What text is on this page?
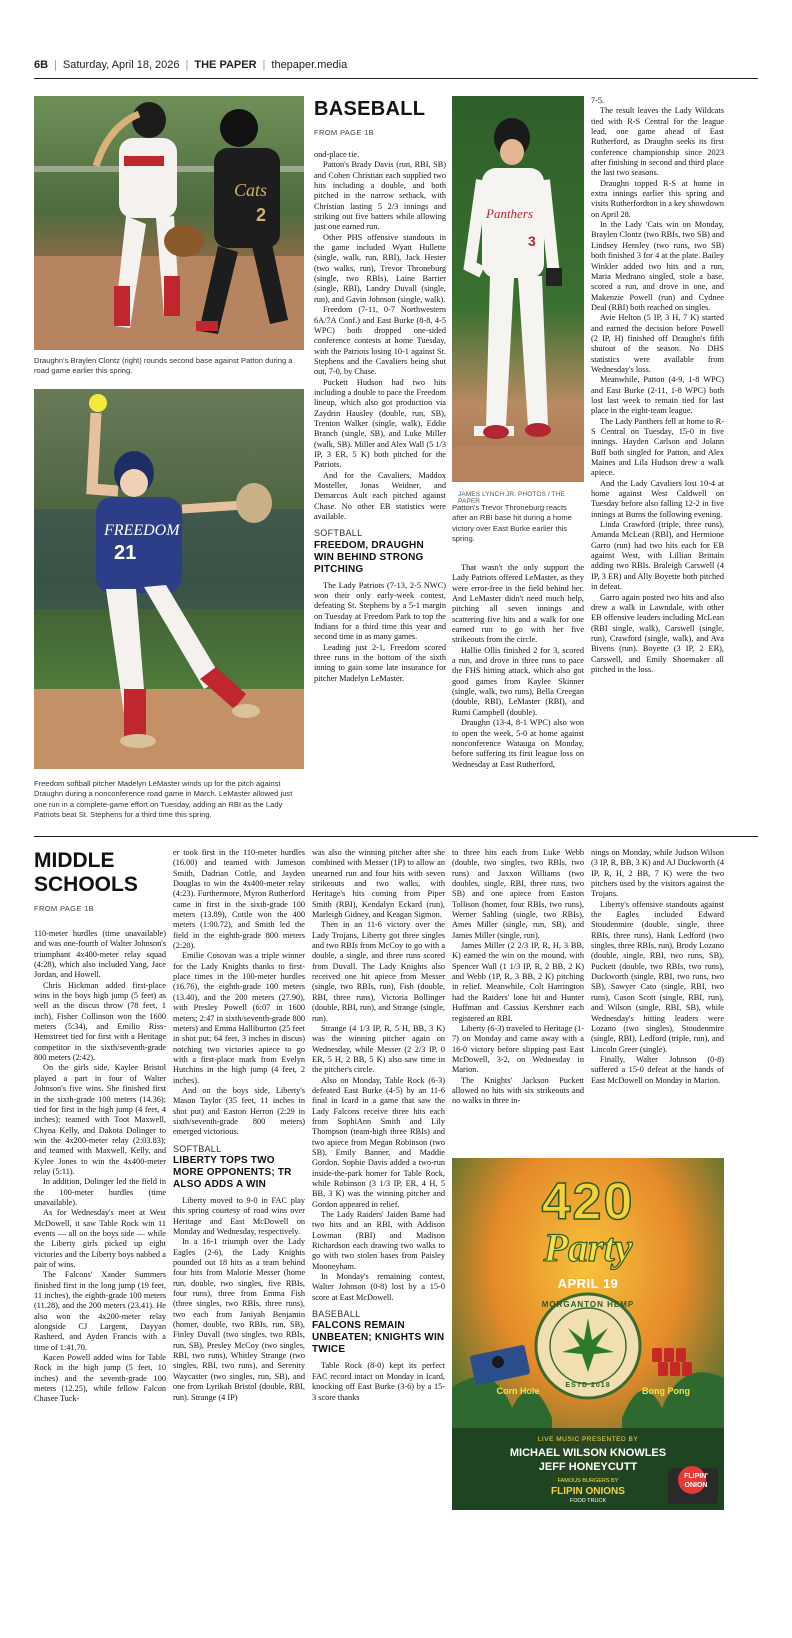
6B | Saturday, April 18, 2026 | THE PAPER | thepaper.media
Cats
2
Draughn's Braylen Clontz (right) rounds second base against Patton during a road game earlier this spring.
FREEDOM
21
Freedom softball pitcher Madelyn LeMaster winds up for the pitch against Draughn during a nonconference road game in March. LeMaster allowed just one run in a complete-game effort on Tuesday, adding an RBI as the Lady Patriots beat St. Stephens for a third time this spring.
BASEBALL
FROM PAGE 1B

ond-place tie.

Patton's Brady Davis (run, RBI, SB) and Cohen Christian each supplied two hits including a double, and both pitched in the narrow setback, with Christian lasting 5 2/3 innings and striking out five batters while allowing just one earned run.

Other PHS offensive standouts in the game included Wyatt Hullette (single, walk, run, RBI), Jack Hester (two walks, run), Trevor Throneburg (single, two RBIs), Laine Barrier (single, RBI), Landry Duvall (single, run), and Gavin Johnson (single, walk).

Freedom (7-11, 0-7 Northwestern 6A/7A Conf.) and East Burke (8-8, 4-5 WPC) both dropped one-sided conference contests at home Tuesday, with the Patriots losing 10-1 against St. Stephens and the Cavaliers being shut out, 7-0, by Chase.

Puckett Hudson had two hits including a double to pace the Freedom lineup, which also got production via Zaydrin Hausley (double, run, SB), Trenton Walker (single, walk), Eddie Branch (single, SB), and Luke Miller (walk, SB). Miller and Alex Wall (5 1/3 IP, 3 ER, 5 K) both pitched for the Patriots.

And for the Cavaliers, Maddox Mosteller, Jonas Weidner, and Demarcus Ault each pitched against Chase. No other EB statistics were available.

SOFTBALL
FREEDOM, DRAUGHN WIN BEHIND STRONG PITCHING

The Lady Patriots (7-13, 2-5 NWC) won their only early-week contest, defeating St. Stephens by a 5-1 margin on Tuesday at Freedom Park to top the Indians for a third time this year and second time in as many games.

Leading just 2-1, Freedom scored three runs in the bottom of the sixth inning to gain some late insurance for pitcher Madelyn LeMaster.

Panthers
3
JAMES LYNCH JR. PHOTOS / THE PAPER
Patton's Trevor Throneburg reacts after an RBI base hit during a home victory over East Burke earlier this spring.

That wasn't the only support the Lady Patriots offered LeMaster, as they were error-free in the field behind her. And LeMaster didn't need much help, pitching all seven innings and scattering five hits and a walk for one earned run to go with her five strikeouts from the circle.

Hallie Ollis finished 2 for 3, scored a run, and drove in three runs to pace the FHS hitting attack, which also got good games from Kaylee Skinner (single, walk, two runs), Bella Creegan (double, RBI), LeMaster (RBI), and Rumi Campbell (double).

Draughn (13-4, 8-1 WPC) also won to open the week, 5-0 at home against nonconference Watauga on Monday, before suffering its first league loss on Wednesday at East Rutherford,

7-5.

The result leaves the Lady Wildcats tied with R-S Central for the league lead, one game ahead of East Rutherford, as Draughn seeks its first conference championship since 2023 after finishing in second and third place the last two seasons.

Draughn topped R-S at home in extra innings earlier this spring and visits Rutherfordton in a key showdown on April 28.

In the Lady 'Cats win on Monday, Braylen Clontz (two RBIs, two SB) and Lindsey Hensley (two runs, two SB) both finished 3 for 4 at the plate. Bailey Winkler added two hits and a run, Maria Medrano singled, stole a base, scored a run, and drove in one, and Makenzie Powell (run) and Cydnee Deal (RBI) both reached on singles.

Avie Helton (5 IP, 3 H, 7 K) started and earned the decision before Powell (2 IP, H) finished off Draughn's fifth shutout of the season. No DHS statistics were available from Wednesday's loss.

Meanwhile, Patton (4-9, 1-8 WPC) and East Burke (2-11, 1-8 WPC) both lost last week to remain tied for last place in the eight-team league.

The Lady Panthers fell at home to R-S Central on Tuesday, 15-0 in five innings. Hayden Carlson and Jolann Buff both singled for Patton, and Alex Maines and Lila Hudson drew a walk apiece.

And the Lady Cavaliers lost 10-4 at home against West Caldwell on Tuesday before also falling 12-2 in five innings at Burns the following evening.

Linda Crawford (triple, three runs), Amanda McLean (RBI), and Hermione Garro (run) had two hits each for EB against West, with Lillian Brittain adding two RBIs. Braleigh Carswell (4 IP, 3 ER) and Ally Boyette both pitched in defeat.

Garro again posted two hits and also drew a walk in Lawndale, with other EB offensive leaders including McLean (RBI single, walk), Carswell (single, run), Crawford (single, walk), and Ava Bivens (run). Boyette (3 IP, 2 ER), Carswell, and Emily Shoemaker all pitched in the loss.

MIDDLE
SCHOOLS
FROM PAGE 1B

110-meter hurdles (time unavailable) and was one-fourth of Walter Johnson's triumphant 4x400-meter relay squad (4:28), which also included Yang, Jace Jordan, and Howell.

Chris Hickman added first-place wins in the boys high jump (5 feet) as well as the discus throw (78 feet, 1 inch), Fisher Collinson won the 1600 meters (5:34), and Emilio Riss-Hemstreet tied for first with a Heritage competitor in the sixth/seventh-grade 800 meters (2:42).

On the girls side, Kaylee Bristol played a part in four of Walter Johnson's five wins. She finished first in the sixth-grade 100 meters (14.36); tied for first in the high jump (4 feet, 4 inches); teamed with Toot Maxwell, Chyna Kelly, and Dakota Dolinger to win the 4x200-meter relay (2:03.83); and teamed with Maxwell, Kelly, and Kylee Jones to win the 4x400-meter relay (5:11).

In addition, Dolinger led the field in the 100-meter hurdles (time unavailable).

As for Wednesday's meet at West McDowell, it saw Table Rock win 11 events — all on the boys side — while the Liberty girls picked up eight victories and the Liberty boys nabbed a pair of wins.

The Falcons' Xander Summers finished first in the long jump (19 feet, 11 inches), the eighth-grade 100 meters (11.28), and the 200 meters (23.41). He also won the 4x200-meter relay alongside CJ Largent, Dayyan Rasheed, and Ayden Francis with a time of 1:41.70.

Kacen Powell added wins for Table Rock in the high jump (5 feet, 10 inches) and the seventh-grade 100 meters (12.25), while fellow Falcon Chasee Tuck-

er took first in the 110-meter hurdles (16.00) and teamed with Jameson Smith, Dadrian Cottle, and Jayden Douglas to win the 4x400-meter relay (4:23). Furthermore, Myron Rutherford came in first in the sixth-grade 100 meters (13.89), Cottle won the 400 meters (1:00.72), and Smith led the field in the eighth-grade 800 meters (2:20).

Emilie Cosovan was a triple winner for the Lady Knights thanks to first-place times in the 100-meter hurdles (16.76), the eighth-grade 100 meters (13.40), and the 200 meters (27.90), with Presley Powell (6:07 in 1600 meters; 2:47 in sixth/seventh-grade 800 meters) and Emma Halliburton (25 feet in shot put; 64 feet, 3 inches in discus) notching two victories apiece to go with a first-place mark from Evelyn Hutchins in the high jump (4 feet, 2 inches).

And on the boys side, Liberty's Mason Taylor (35 feet, 11 inches in shot put) and Easton Herron (2:29 in sixth/seventh-grade 800 meters) emerged victorious.

SOFTBALL
LIBERTY TOPS TWO MORE OPPONENTS; TR ALSO ADDS A WIN

Liberty moved to 9-0 in FAC play this spring courtesy of road wins over Heritage and East McDowell on Monday and Wednesday, respectively.

In a 16-1 triumph over the Lady Eagles (2-6), the Lady Knights pounded out 18 hits as a team behind four hits from Malorie Messer (home run, double, two singles, five RBIs, four runs), three from Emma Fish (three singles, two RBIs, three runs), two each from Janiyah Benjamin (homer, double, two RBIs, run, SB), Finley Duvall (two singles, two RBIs, run, SB), Presley McCoy (two singles, RBI, two runs), Whitley Strange (two singles, RBI, two runs), and Serenity Waycaster (two singles, run, SB), and one from Lyrikah Bristol (double, RBI, run). Strange (4 IP)

was also the winning pitcher after she combined with Messer (1P) to allow an unearned run and four hits with seven strikeouts and two walks, with Heritage's hits coming from Piper Smith (RBI), Kendalyn Eckard (run), Marleigh Gidney, and Keagan Sigmon.

Then in an 11-6 victory over the Lady Trojans, Liberty got three singles and two RBIs from McCoy to go with a double, a single, and three runs scored from Duvall. The Lady Knights also received one hit apiece from Messer (single, two RBIs, run), Fish (double, RBI, three runs), Victoria Bollinger (double, RBI, run), and Strange (single, run).

Strange (4 1/3 IP, R, 5 H, BB, 3 K) was the winning pitcher again on Wednesday, while Messer (2 2/3 IP, 0 ER, 5 H, 2 BB, 5 K) also saw time in the pitcher's circle.

Also on Monday, Table Rock (6-3) defeated East Burke (4-5) by an 11-6 final in Icard in a game that saw the Lady Falcons receive three hits each from SophiAnn Smith and Lily Thompson (team-high three RBIs) and two apiece from Megan Robinson (two SB), Emily Banner, and Maddie Gordon. Sophie Davis added a two-run inside-the-park homer for Table Rock, while Robinson (3 1/3 IP, ER, 4 H, 5 BB, 3 K) was the winning pitcher and Gordon appeared in relief.

The Lady Raiders' Jaiden Bame had two hits and an RBI, with Addison Lowman (RBI) and Madison Richardson each drawing two walks to go with two stolen bases from Paisley Mooneyham.

In Monday's remaining contest, Walter Johnson (0-8) lost by a 15-0 score at East McDowell.

BASEBALL
FALCONS REMAIN UNBEATEN; KNIGHTS WIN TWICE

Table Rock (8-0) kept its perfect FAC record intact on Monday in Icard, knocking off East Burke (3-6) by a 15-3 score thanks

to three hits each from Luke Webb (double, two singles, two RBIs, two runs) and Jaxxon Williams (two doubles, single, RBI, three runs, two SB) and one apiece from Easton Tollison (homer, four RBIs, two runs), Werner Sahling (single, two RBIs), Ames Miller (single, run, SB), and James Miller (single, run).

James Miller (2 2/3 IP, R, H, 3 BB, K) earned the win on the mound, with Spencer Wall (1 1/3 IP, R, 2 BB, 2 K) and Webb (1P, R, 3 BB, 2 K) pitching in relief. Meanwhile, Colt Harrington had the Raiders' lone hit and Hunter Huffman and Cassius Kershner each registered an RBI.

Liberty (6-3) traveled to Heritage (1-7) on Monday and came away with a 16-0 victory before slipping past East McDowell, 3-2, on Wednesday in Marion.

The Knights' Jackson Puckett allowed no hits with six strikeouts and no walks in three in-

nings on Monday, while Judson Wilson (3 IP, R, BB, 3 K) and AJ Duckworth (4 IP, R, H, 2 BB, 7 K) were the two pitchers used by the visitors against the Trojans.

Liberty's offensive standouts against the Eagles included Edward Stoudenmire (double, single, three RBIs, three runs), Hank Ledford (two singles, three RBIs, run), Brody Lozano (double, single, RBI, two runs, SB), Puckett (double, two RBIs, two runs), Duckworth (single, RBI, two runs, two SB), Sawyer Cato (single, RBI, two runs), Cason Scott (single, RBI, run), and Wilson (single, RBI, SB), while Wednesday's hitting leaders were Lozano (two singles), Stoudenmire (single, RBI), Ledford (triple, run), and Lincoln Greer (single).

Finally, Walter Johnson (0-8) suffered a 15-0 defeat at the hands of East McDowell on Monday in Marion.

420
Party
APRIL 19
MORGANTON HEMP
ESTD 2018
Corn Hole	Bong Pong
LIVE MUSIC PRESENTED BY
MICHAEL WILSON KNOWLES
JEFF HONEYCUTT
FAMOUS BURGERS BY
FLIPIN ONIONS
FOOD TRUCK
FLIPIN'
ONION
